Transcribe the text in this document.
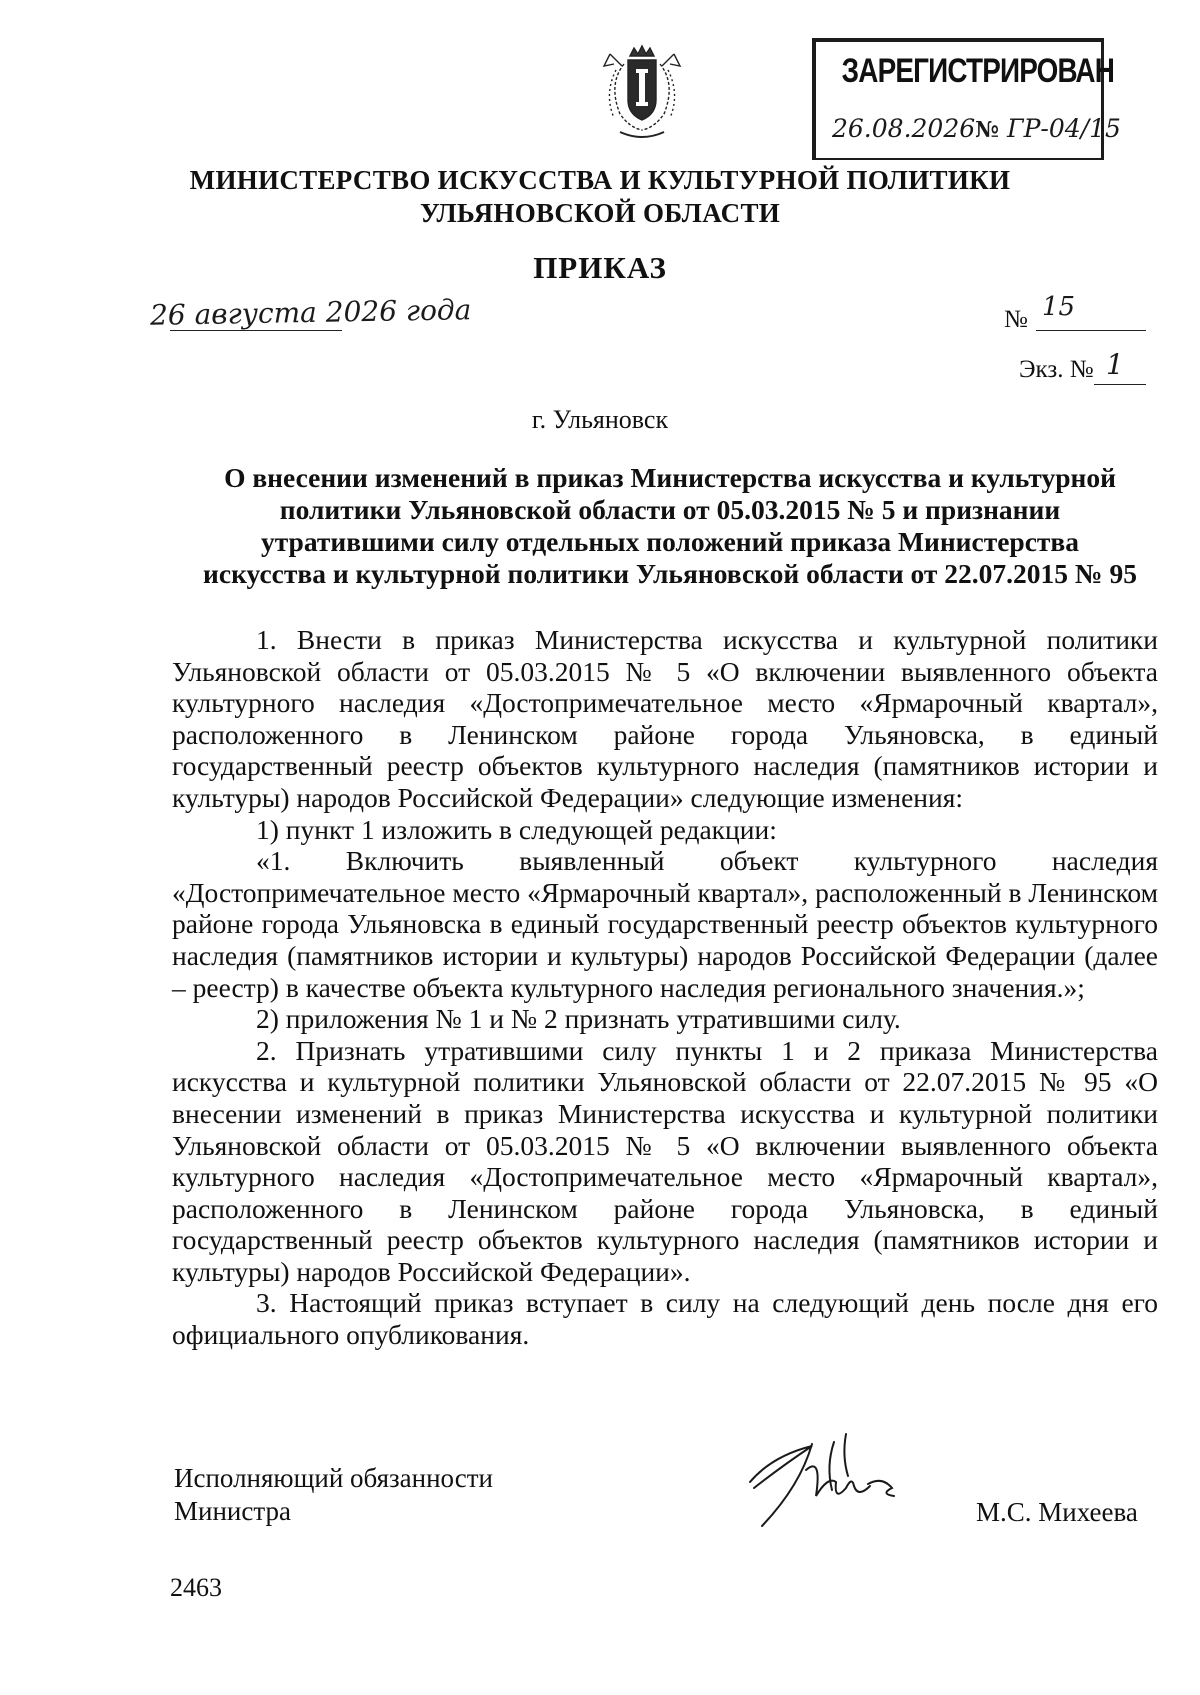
ЗАРЕГИСТРИРОВАН
26.08.2026№ ГР-04/15
МИНИСТЕРСТВО ИСКУССТВА И КУЛЬТУРНОЙ ПОЛИТИКИ
УЛЬЯНОВСКОЙ ОБЛАСТИ
ПРИКАЗ
26 августа 2026 года	№ 15
Экз. № 1
г. Ульяновск
О внесении изменений в приказ Министерства искусства и культурной
политики Ульяновской области от 05.03.2015 № 5 и признании
утратившими силу отдельных положений приказа Министерства
искусства и культурной политики Ульяновской области от 22.07.2015 № 95

1. Внести в приказ Министерства искусства и культурной политики Ульяновской области от 05.03.2015 № 5 «О включении выявленного объекта культурного наследия «Достопримечательное место «Ярмарочный квартал», расположенного в Ленинском районе города Ульяновска, в единый государственный реестр объектов культурного наследия (памятников истории и культуры) народов Российской Федерации» следующие изменения:

1) пункт 1 изложить в следующей редакции:

«1. Включить выявленный объект культурного наследия «Достопримечательное место «Ярмарочный квартал», расположенный в Ленинском районе города Ульяновска в единый государственный реестр объектов культурного наследия (памятников истории и культуры) народов Российской Федерации (далее – реестр) в качестве объекта культурного наследия регионального значения.»;

2) приложения № 1 и № 2 признать утратившими силу.

2. Признать утратившими силу пункты 1 и 2 приказа Министерства искусства и культурной политики Ульяновской области от 22.07.2015 № 95 «О внесении изменений в приказ Министерства искусства и культурной политики Ульяновской области от 05.03.2015 № 5 «О включении выявленного объекта культурного наследия «Достопримечательное место «Ярмарочный квартал», расположенного в Ленинском районе города Ульяновска, в единый государственный реестр объектов культурного наследия (памятников истории и культуры) народов Российской Федерации».

3. Настоящий приказ вступает в силу на следующий день после дня его официального опубликования.

Исполняющий обязанности
Министра	М.С. Михеева
2463
